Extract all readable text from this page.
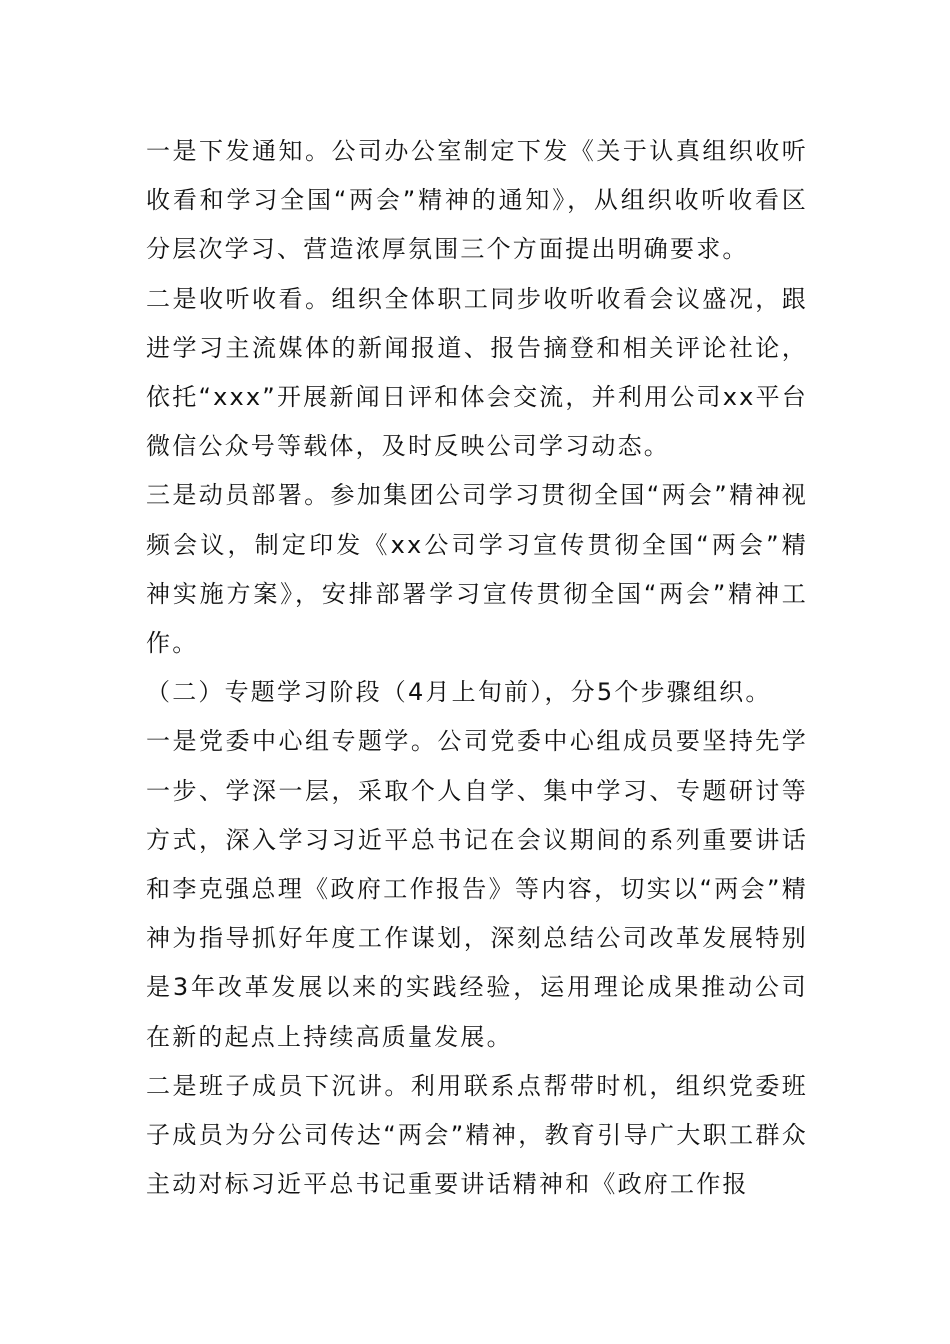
一是下发通知。公司办公室制定下发《关于认真组织收听收看和学习全国“两会”精神的通知》，从组织收听收看区分层次学习、营造浓厚氛围三个方面提出明确要求。

二是收听收看。组织全体职工同步收听收看会议盛况，跟进学习主流媒体的新闻报道、报告摘登和相关评论社论，依托“xxx”开展新闻日评和体会交流，并利用公司xx平台微信公众号等载体，及时反映公司学习动态。

三是动员部署。参加集团公司学习贯彻全国“两会”精神视频会议，制定印发《xx公司学习宣传贯彻全国“两会”精神实施方案》，安排部署学习宣传贯彻全国“两会”精神工作。

（二）专题学习阶段（4月上旬前），分5个步骤组织。

一是党委中心组专题学。公司党委中心组成员要坚持先学一步、学深一层，采取个人自学、集中学习、专题研讨等方式，深入学习习近平总书记在会议期间的系列重要讲话和李克强总理《政府工作报告》等内容，切实以“两会”精神为指导抓好年度工作谋划，深刻总结公司改革发展特别是3年改革发展以来的实践经验，运用理论成果推动公司在新的起点上持续高质量发展。

二是班子成员下沉讲。利用联系点帮带时机，组织党委班子成员为分公司传达“两会”精神，教育引导广大职工群众主动对标习近平总书记重要讲话精神和《政府工作报
